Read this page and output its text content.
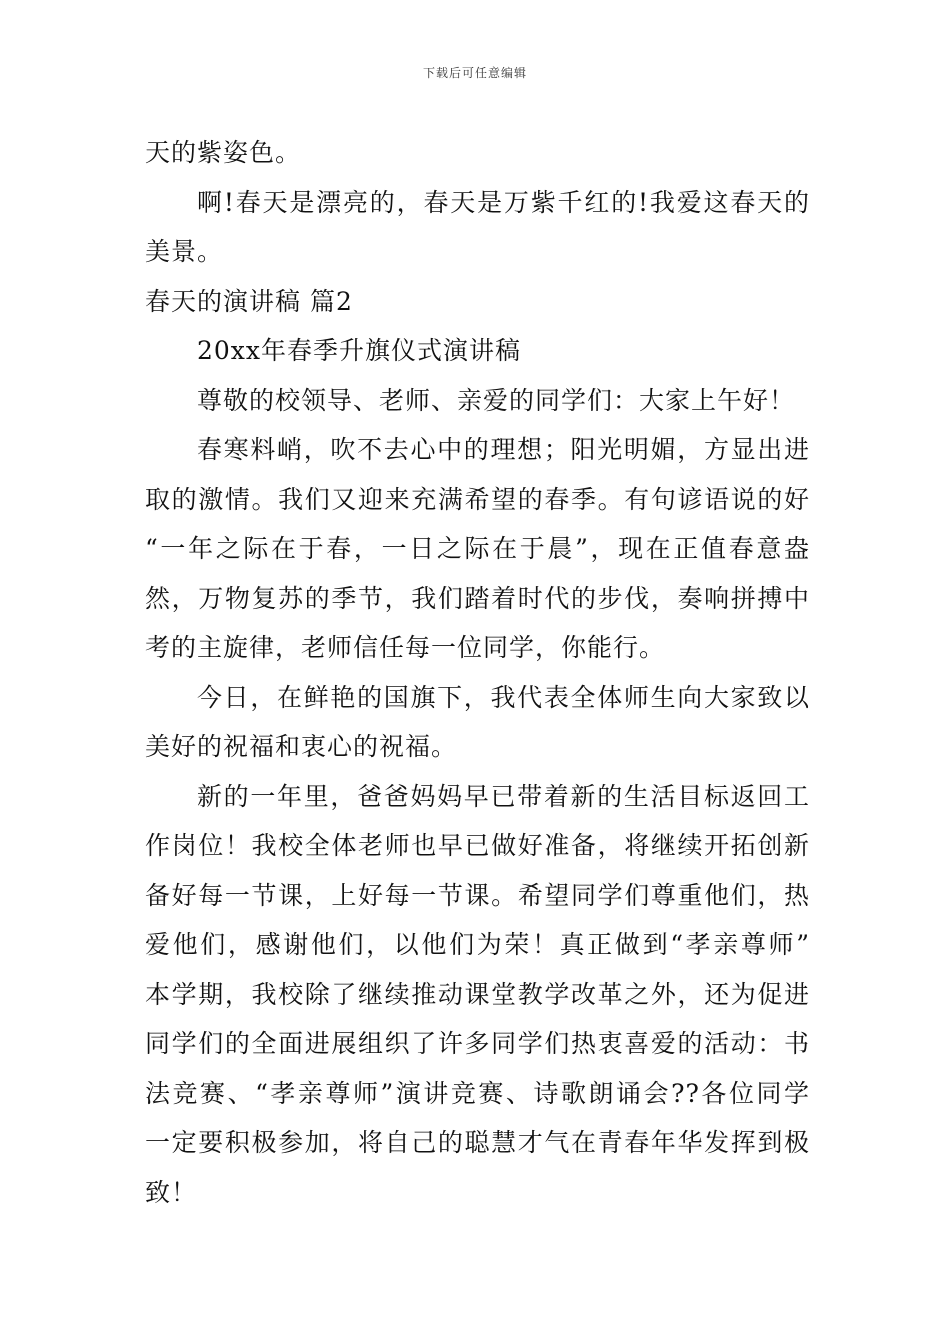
下载后可任意编辑
天的紫姿色。
啊!春天是漂亮的，春天是万紫千红的!我爱这春天的
美景。
春天的演讲稿 篇2
20xx年春季升旗仪式演讲稿
尊敬的校领导、老师、亲爱的同学们：大家上午好！
春寒料峭，吹不去心中的理想；阳光明媚，方显出进
取的激情。我们又迎来充满希望的春季。有句谚语说的好
“一年之际在于春，一日之际在于晨”，现在正值春意盎
然，万物复苏的季节，我们踏着时代的步伐，奏响拼搏中
考的主旋律，老师信任每一位同学，你能行。
今日，在鲜艳的国旗下，我代表全体师生向大家致以
美好的祝福和衷心的祝福。
新的一年里，爸爸妈妈早已带着新的生活目标返回工
作岗位！我校全体老师也早已做好准备，将继续开拓创新
备好每一节课，上好每一节课。希望同学们尊重他们，热
爱他们，感谢他们，以他们为荣！真正做到“孝亲尊师”
本学期，我校除了继续推动课堂教学改革之外，还为促进
同学们的全面进展组织了许多同学们热衷喜爱的活动：书
法竞赛、“孝亲尊师”演讲竞赛、诗歌朗诵会??各位同学
一定要积极参加，将自己的聪慧才气在青春年华发挥到极
致！
